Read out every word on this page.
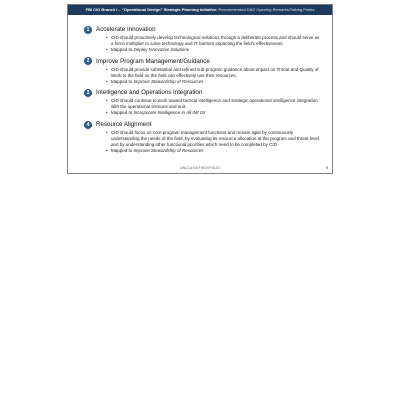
FBI CIO Branch I – “Operational Design” Strategic Planning Initiative: Recommended DAD Opening Remarks/Talking Points
1	Accelerate Innovation
• CID should proactively develop technological solutions through a deliberate process and should serve as a force multiplier to solve technology and IT barriers impacting the field’s effectiveness.
• Mapped to Deploy Innovative Solutions
2	Improve Program Management/Guidance
• CID should provide substantial and refined sub-program guidance about impact on Threat and Quality of Work to the field so the field can effectively use their resources.
• Mapped to Improve Stewardship of Resources
3	Intelligence and Operations Integration
• CID should continue to work toward tactical intelligence and strategic operational intelligence integration with the operational sections and unit.
• Mapped to Incorporate Intelligence in All IMI ISI
4	Resource Alignment
• CID should focus on core program management functions and remain agile by continuously understanding the needs of the field, by evaluating its resource allocation at the program and threat level, and by understanding other functional priorities which need to be completed by CID
• Mapped to Improve Stewardship of Resources
UNCLASSIFIED//FOUO	9
